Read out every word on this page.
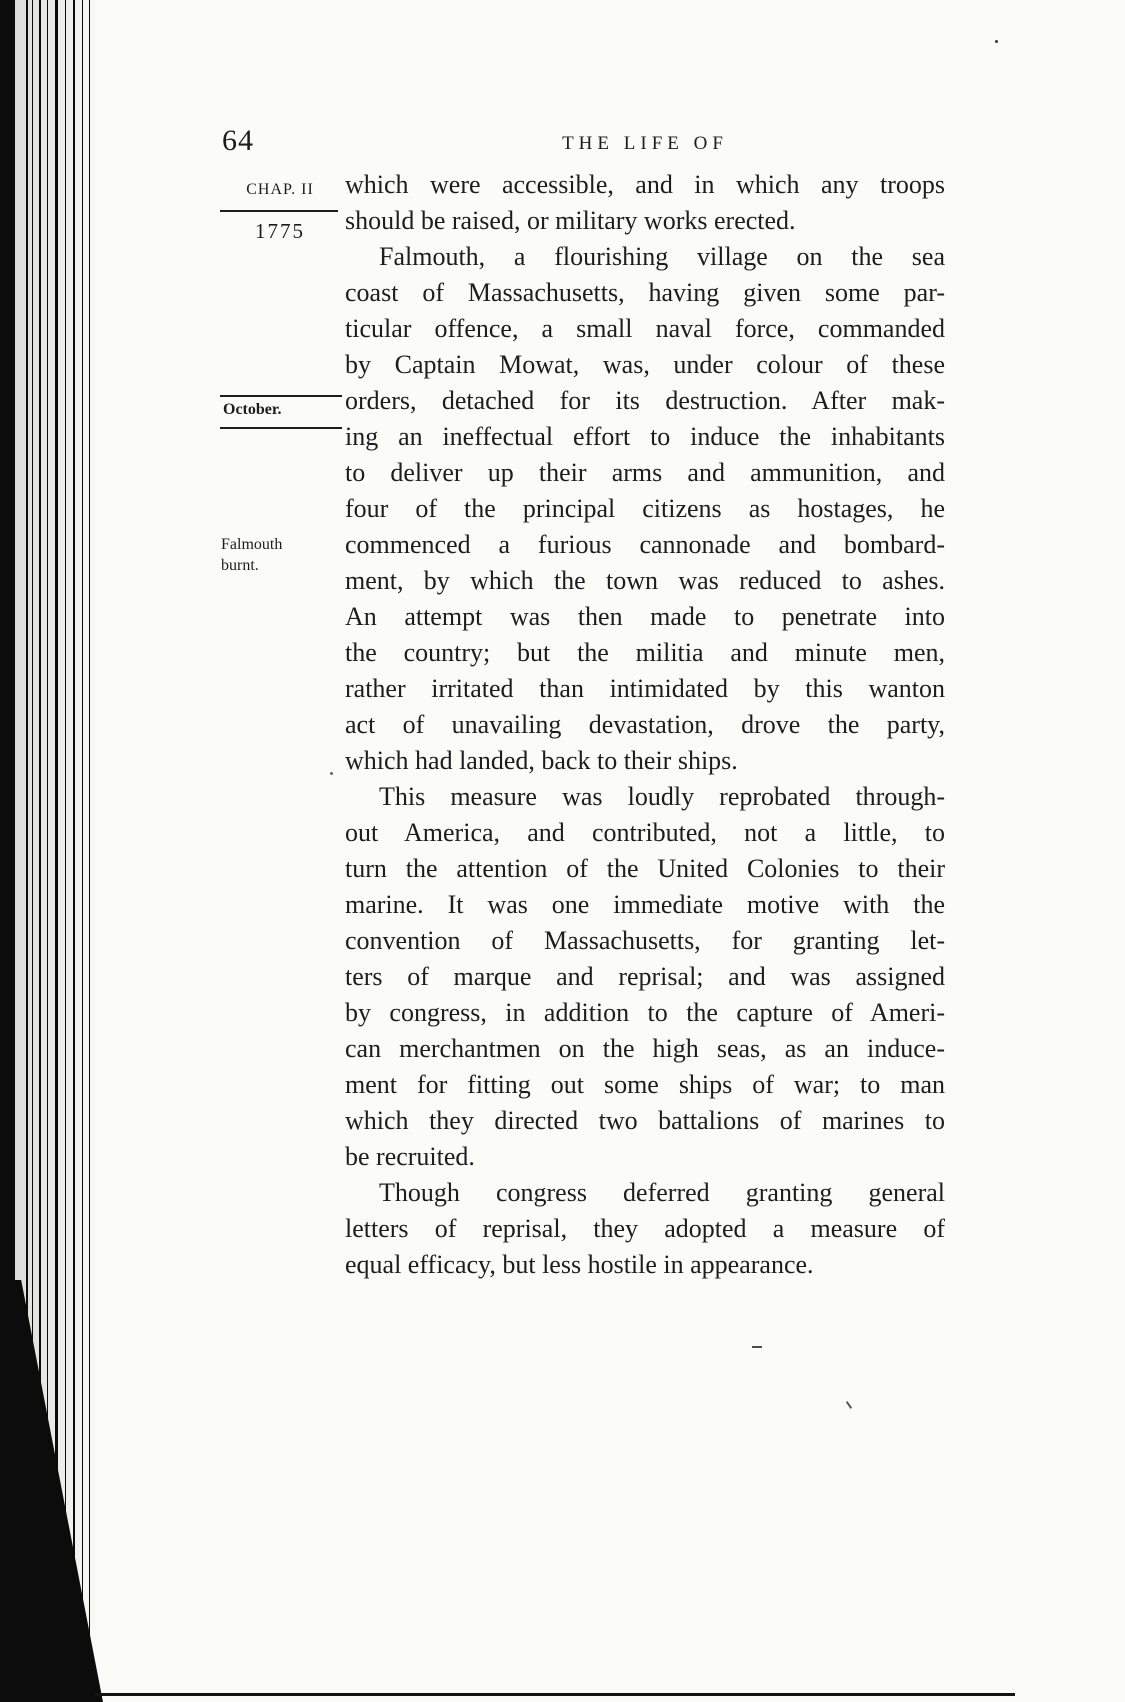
64	THE LIFE OF
CHAP. II
1775
October.
Falmouth
burnt.
which were accessible, and in which any troops
should be raised, or military works erected.
Falmouth, a flourishing village on the sea
coast of Massachusetts, having given some par-
ticular offence, a small naval force, commanded
by Captain Mowat, was, under colour of these
orders, detached for its destruction. After mak-
ing an ineffectual effort to induce the inhabitants
to deliver up their arms and ammunition, and
four of the principal citizens as hostages, he
commenced a furious cannonade and bombard-
ment, by which the town was reduced to ashes.
An attempt was then made to penetrate into
the country; but the militia and minute men,
rather irritated than intimidated by this wanton
act of unavailing devastation, drove the party,
which had landed, back to their ships.
This measure was loudly reprobated through-
out America, and contributed, not a little, to
turn the attention of the United Colonies to their
marine. It was one immediate motive with the
convention of Massachusetts, for granting let-
ters of marque and reprisal; and was assigned
by congress, in addition to the capture of Ameri-
can merchantmen on the high seas, as an induce-
ment for fitting out some ships of war; to man
which they directed two battalions of marines to
be recruited.
Though congress deferred granting general
letters of reprisal, they adopted a measure of
equal efficacy, but less hostile in appearance.
